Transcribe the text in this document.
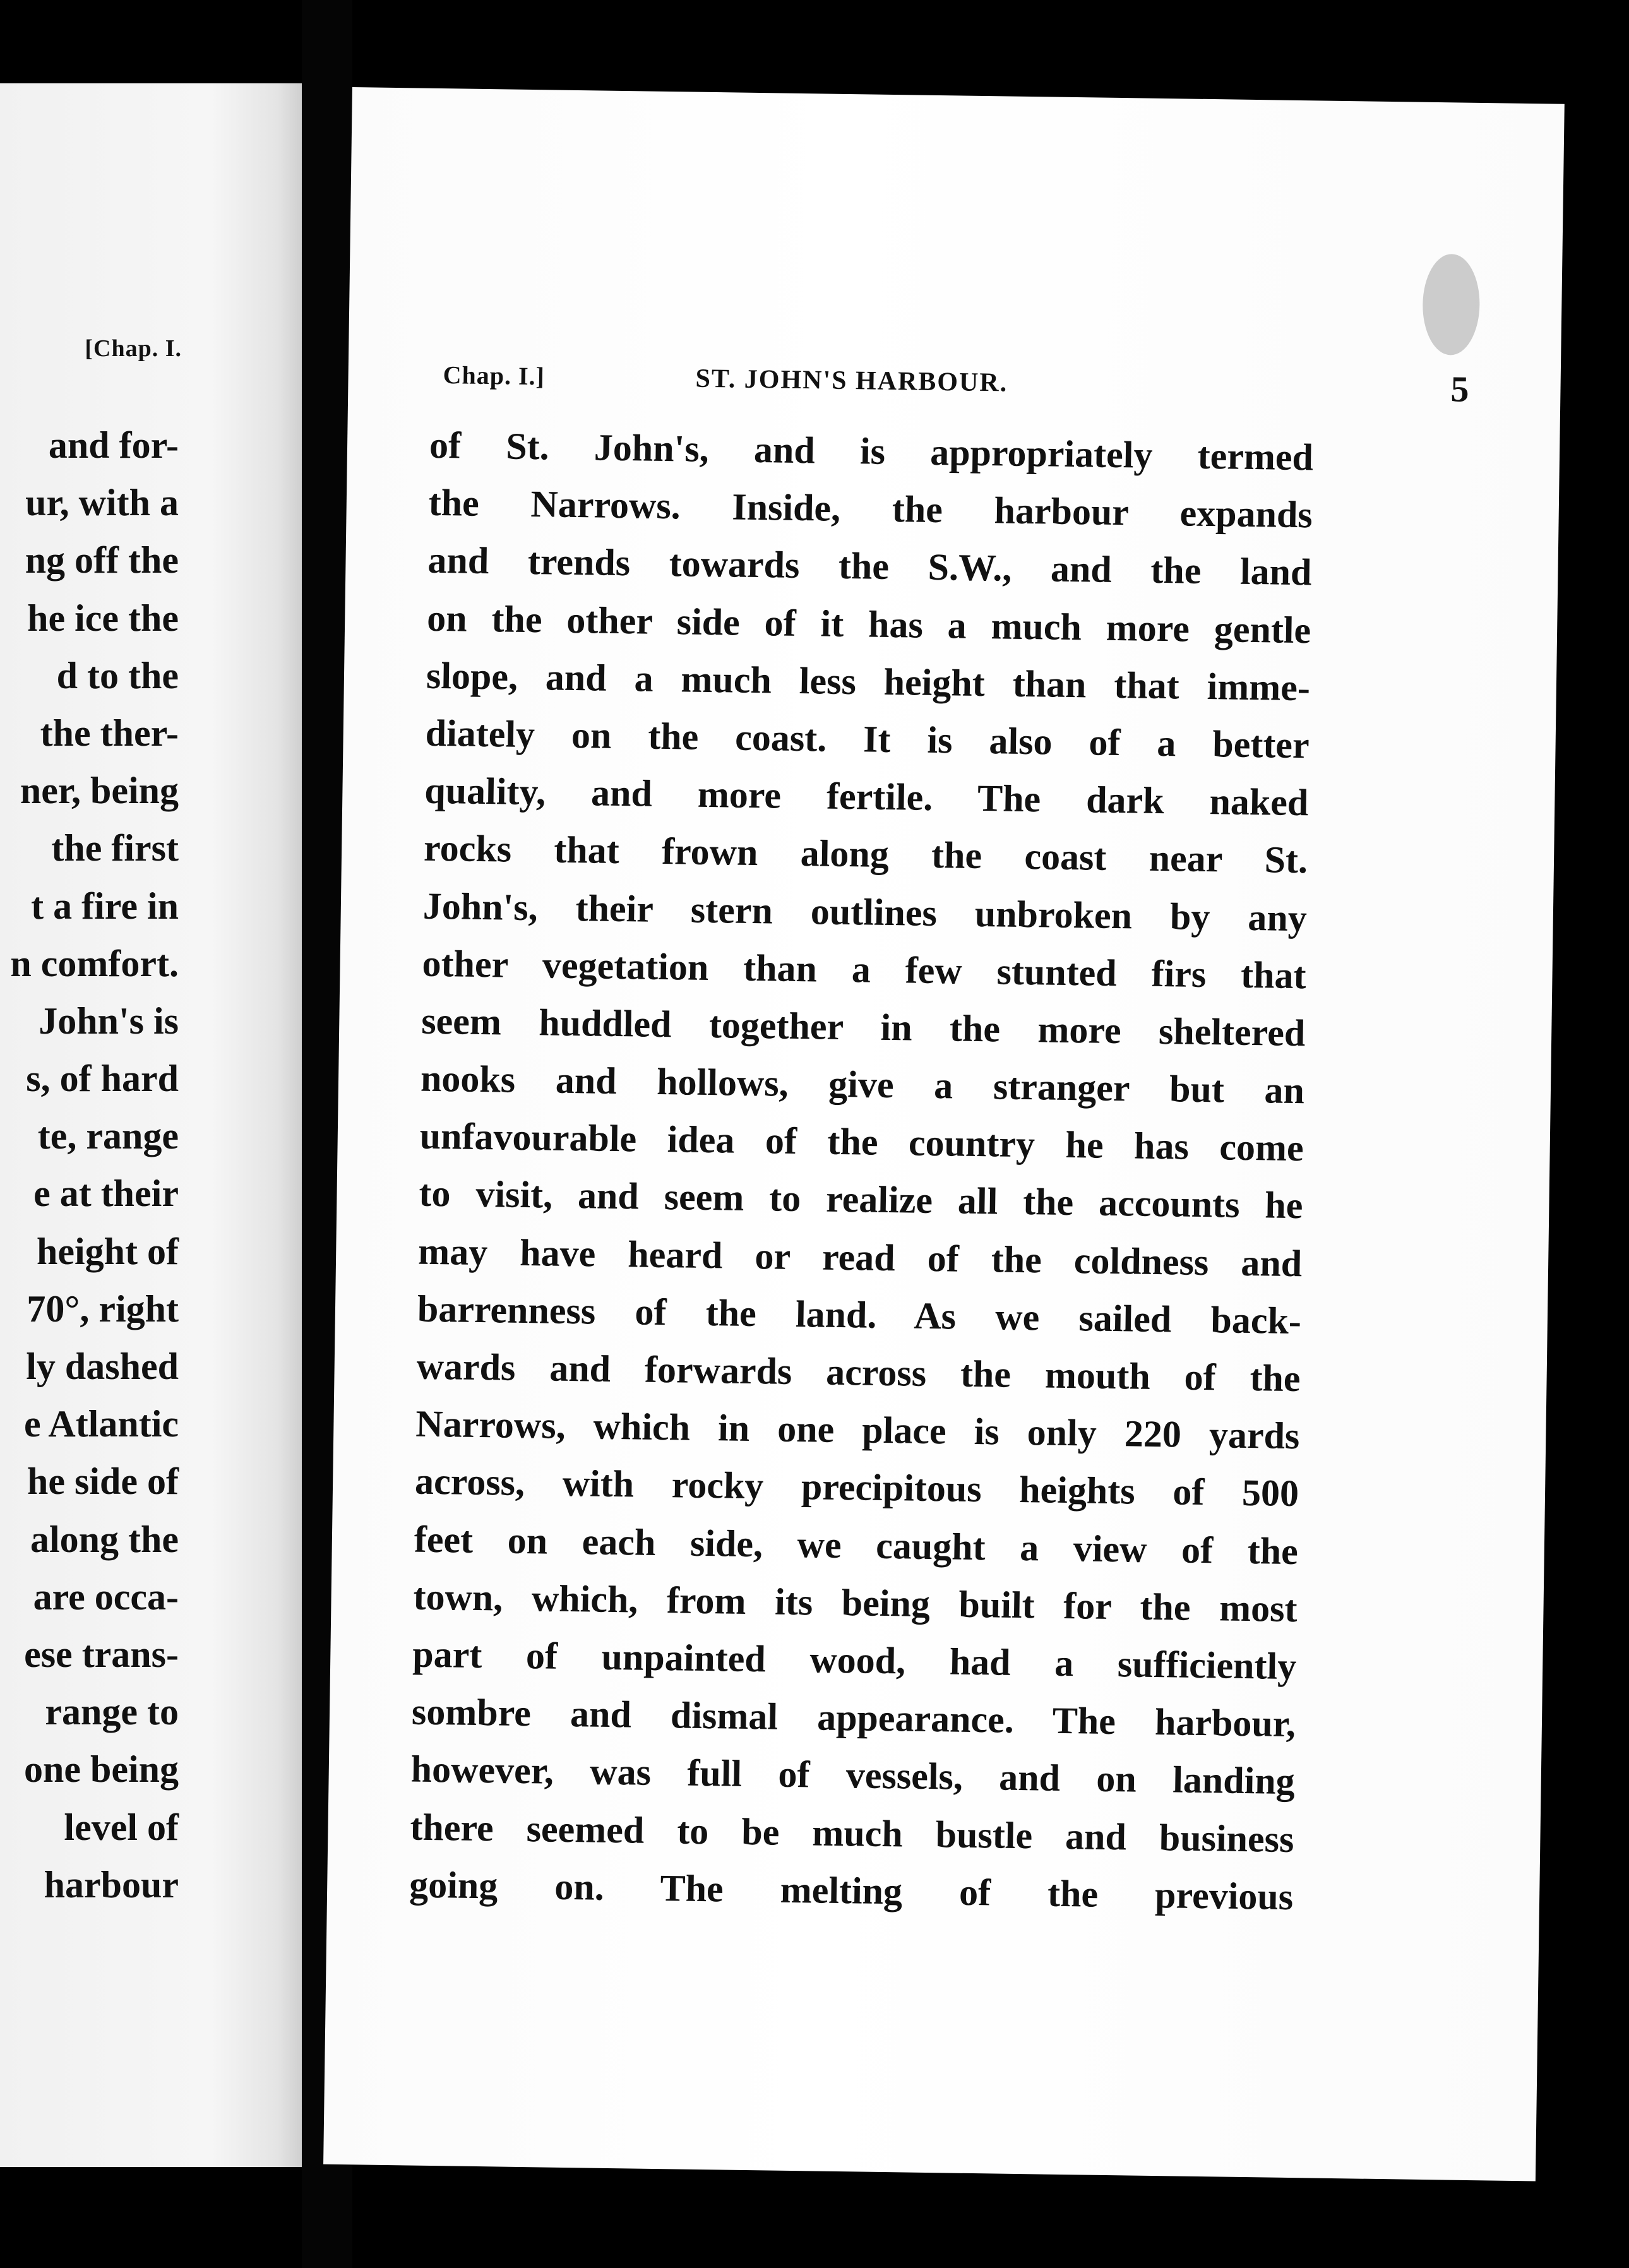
[Chap. I.
and for-
ur, with a
ng off the
he ice the
d to the
the ther-
ner, being
the first
t a fire in
n comfort.
John's is
s, of hard
te, range
e at their
height of
70°, right
ly dashed
e Atlantic
he side of
along the
are occa-
ese trans-
range to
one being
level of
harbour
Chap. I.]	ST. JOHN'S HARBOUR.	5
of St. John's, and is appropriately termed
the Narrows. Inside, the harbour expands
and trends towards the S.W., and the land
on the other side of it has a much more gentle
slope, and a much less height than that imme-
diately on the coast. It is also of a better
quality, and more fertile. The dark naked
rocks that frown along the coast near St.
John's, their stern outlines unbroken by any
other vegetation than a few stunted firs that
seem huddled together in the more sheltered
nooks and hollows, give a stranger but an
unfavourable idea of the country he has come
to visit, and seem to realize all the accounts he
may have heard or read of the coldness and
barrenness of the land. As we sailed back-
wards and forwards across the mouth of the
Narrows, which in one place is only 220 yards
across, with rocky precipitous heights of 500
feet on each side, we caught a view of the
town, which, from its being built for the most
part of unpainted wood, had a sufficiently
sombre and dismal appearance. The harbour,
however, was full of vessels, and on landing
there seemed to be much bustle and business
going on. The melting of the previous
